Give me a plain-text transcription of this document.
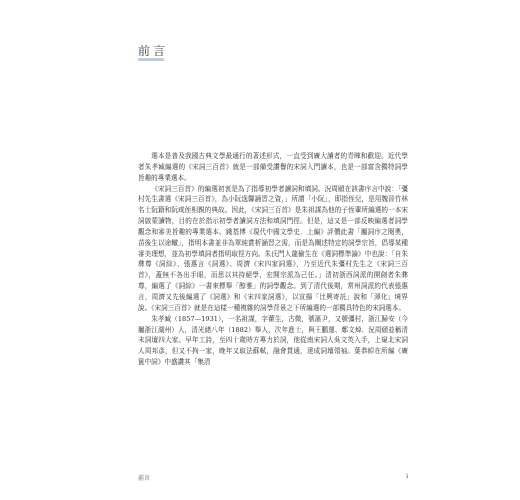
前言

選本是普及我國古典文學最通行的著述形式，一直受到廣大讀者的青睞和歡迎。近代學者朱孝臧編選的《宋詞三百首》就是一部備受讚譽的宋詞入門讀本，也是一部富含獨特詞學旨趣的專業選本。

《宋詞三百首》的編選初衷是為了指導初學者讀詞和填詞。況周頤在該書序言中說：「彊村先生書選《宋詞三百首》，為小阮逸馨誦習之資，」所謂「小阮」，即指侄兒，是用魏晉竹林名士阮籍和阮咸侄相親的典故。因此，《宋詞三百首》是朱祖謀為他的子侄輩所編選的一本宋詞啟蒙讀物，目的在於指示初學者讀詞方法和填詞門徑。但是，這又是一部反映編選者詞學觀念和審美旨趣的專業選本。錢基博《現代中國文學史．上編》評價此書「屬詞序之閱奧，苗後生以途轍」，指明本書並非為單純賞析誦習之需，而是為闡述特定的詞學宗旨，倡導某種審美理想，並為初學填詞者指明取徑方向。朱氏門人龍榆生在《選詞標準論》中也說：「自朱彝尊《詞綜》、張惠言《詞選》、周濟《宋四家詞選》，乃至近代朱彊村先生之《宋詞三百首》，蓋無不各出手眼，而思以其持絕學，宏開宗派為己任。」清初浙西詞派的開創者朱彝尊，編選了《詞綜》一書來標舉「醇雅」的詞學觀念。到了清代後期，常州詞派的代表張惠言，周濟又先後編選了《詞選》和《宋四家詞選》，以宣揚「比興寄託」說和「渾化」境界說。《宋詞三百首》就是在這樣一種複雜的詞學背景之下所編選的一部獨具特色的宋詞選本。

朱孝臧（1857—1931），一名祖謀，字藿生，古微，號漚尹，又號彊村，浙江歸安（今屬浙江湖州）人，清光緒八年（1882）舉人，次年進士，與王鵬運、鄭文焯、況周頤並稱清末詞壇四大家。早年工詩，至四十歲時方專力於詞，他從南宋詞人吳文英入手，上窺北宋詞人周邦彥，但又不拘一家，晚年又取法蘇軾，融會貫通，達成詞壇領袖。葉恭綽在所編《廣篋中詞》中盛讚其「集清

前言	i
